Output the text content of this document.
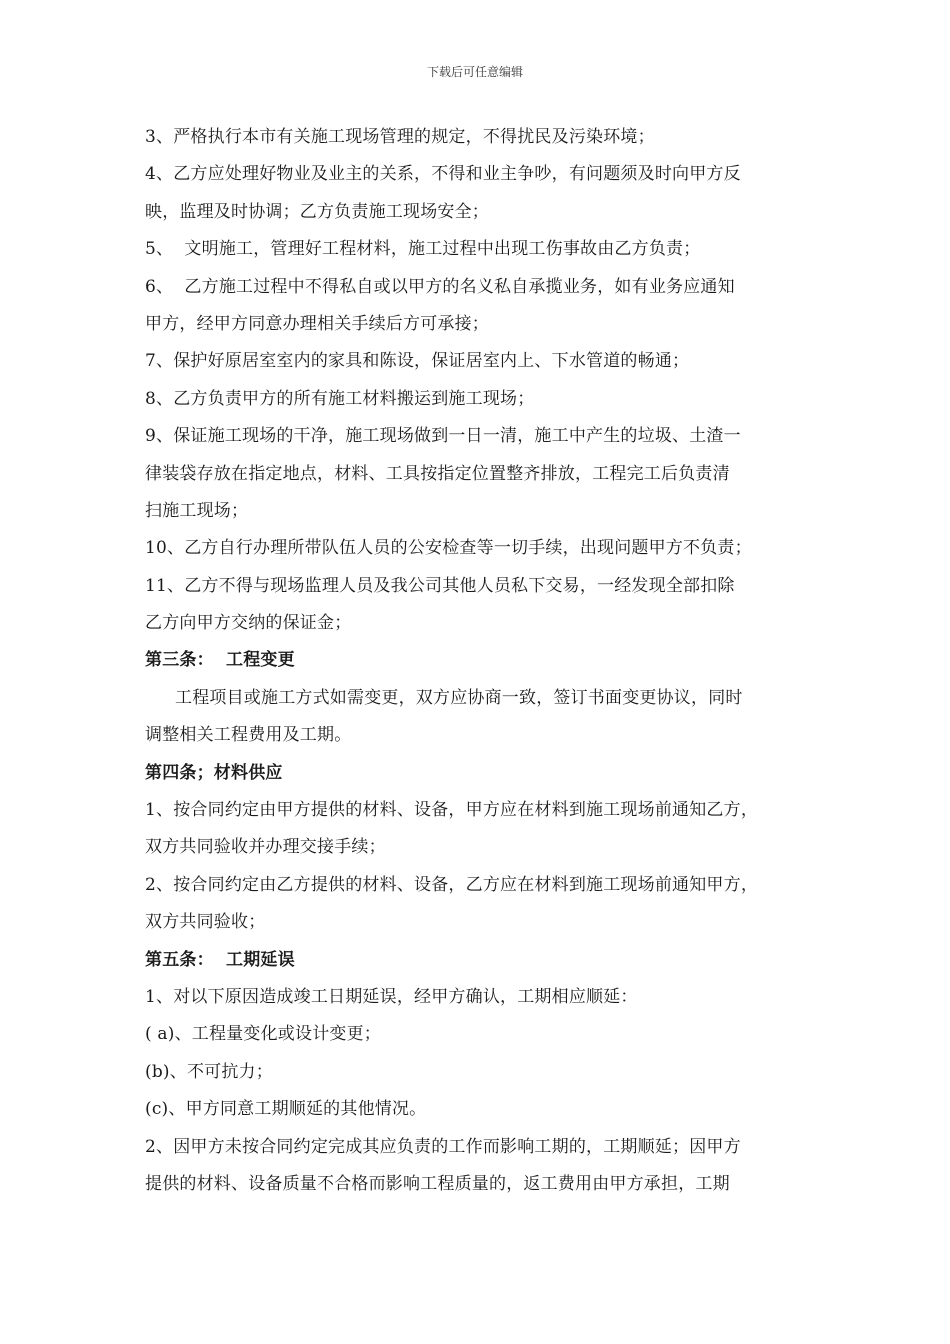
下载后可任意编辑
3、严格执行本市有关施工现场管理的规定，不得扰民及污染环境；
4、乙方应处理好物业及业主的关系，不得和业主争吵，有问题须及时向甲方反
映，监理及时协调；乙方负责施工现场安全；
5、  文明施工，管理好工程材料，施工过程中出现工伤事故由乙方负责；
6、  乙方施工过程中不得私自或以甲方的名义私自承揽业务，如有业务应通知
甲方，经甲方同意办理相关手续后方可承接；
7、保护好原居室室内的家具和陈设，保证居室内上、下水管道的畅通；
8、乙方负责甲方的所有施工材料搬运到施工现场；
9、保证施工现场的干净，施工现场做到一日一清，施工中产生的垃圾、土渣一
律装袋存放在指定地点，材料、工具按指定位置整齐排放，工程完工后负责清
扫施工现场；
10、乙方自行办理所带队伍人员的公安检查等一切手续，出现问题甲方不负责；
11、乙方不得与现场监理人员及我公司其他人员私下交易，一经发现全部扣除
乙方向甲方交纳的保证金；
第三条：  工程变更
工程项目或施工方式如需变更，双方应协商一致，签订书面变更协议，同时
调整相关工程费用及工期。
第四条；材料供应
1、按合同约定由甲方提供的材料、设备，甲方应在材料到施工现场前通知乙方，
双方共同验收并办理交接手续；
2、按合同约定由乙方提供的材料、设备，乙方应在材料到施工现场前通知甲方，
双方共同验收；
第五条：  工期延误
1、对以下原因造成竣工日期延误，经甲方确认，工期相应顺延：
( a)、工程量变化或设计变更；
(b)、不可抗力；
(c)、甲方同意工期顺延的其他情况。
2、因甲方未按合同约定完成其应负责的工作而影响工期的，工期顺延；因甲方
提供的材料、设备质量不合格而影响工程质量的，返工费用由甲方承担，工期
